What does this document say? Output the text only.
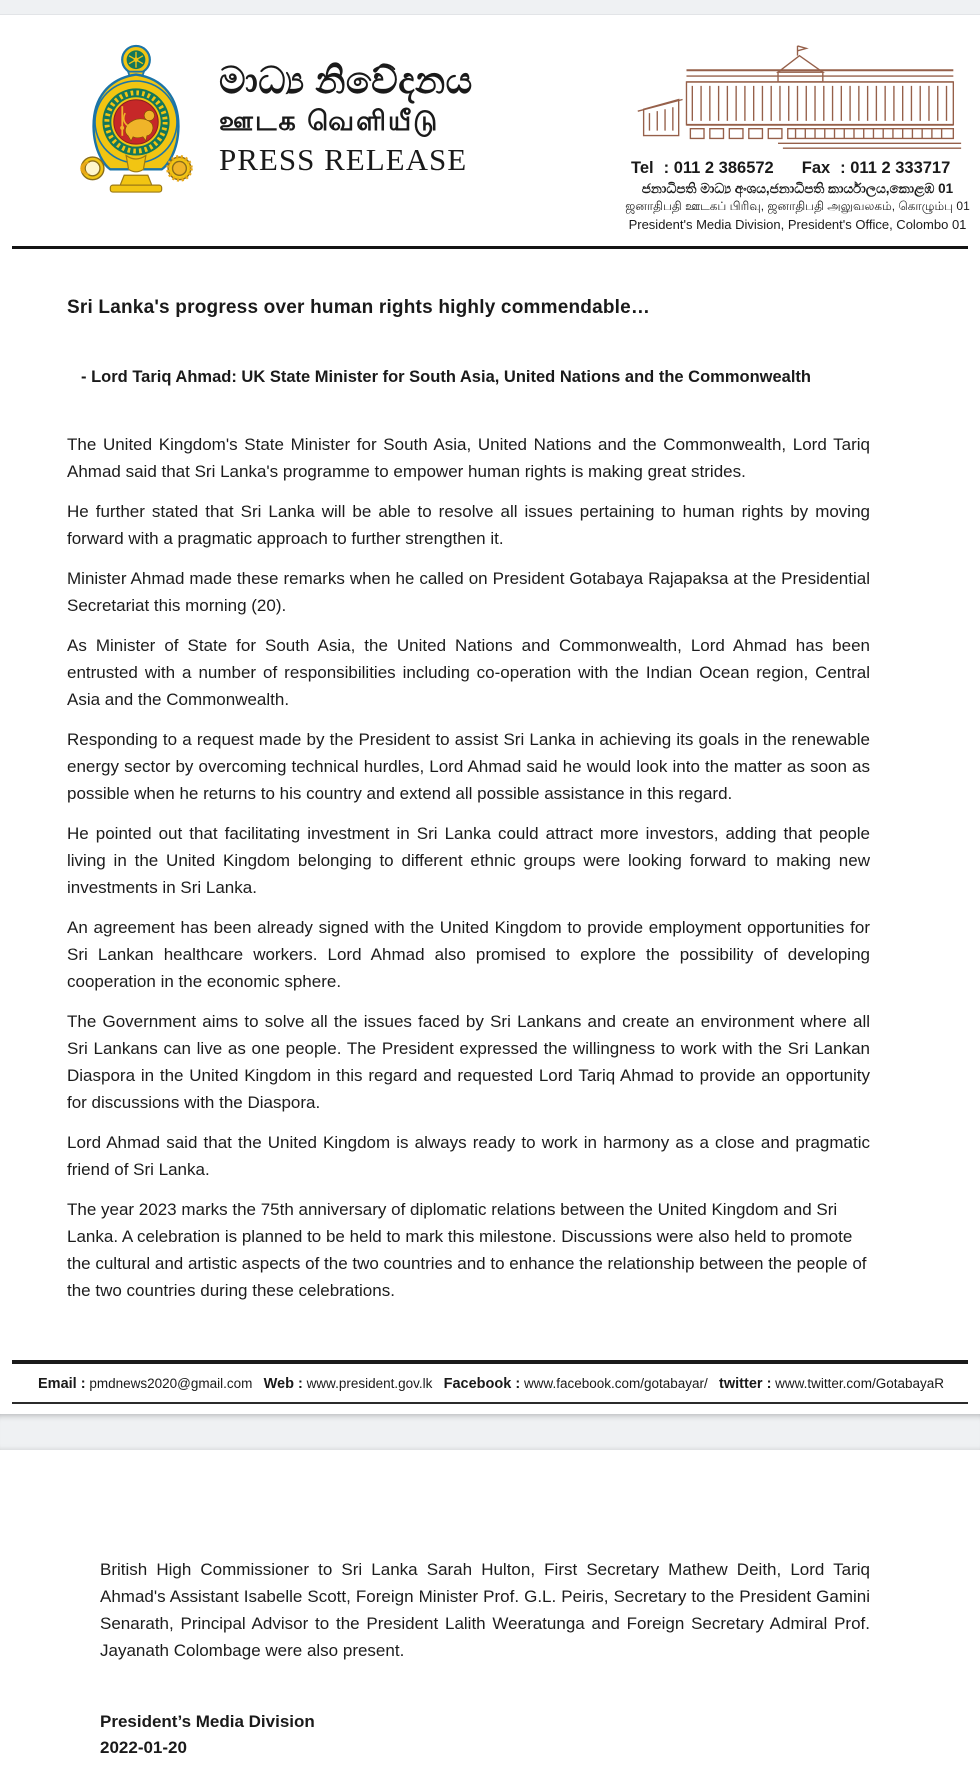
මාධ්‍ය නිවේදනය
ஊடக வெளியீடு
PRESS RELEASE	Tel : 011 2 386572 Fax : 011 2 333717
ජනාධිපති මාධ්‍ය අංශය,ජනාධිපති කාර්යාලය,කොළඹ 01
ஜனாதிபதி ஊடகப் பிரிவு, ஜனாதிபதி அலுவலகம், கொழும்பு 01
President's Media Division, President's Office, Colombo 01
Sri Lanka's progress over human rights highly commendable…
- Lord Tariq Ahmad: UK State Minister for South Asia, United Nations and the Commonwealth

The United Kingdom's State Minister for South Asia, United Nations and the Commonwealth, Lord Tariq Ahmad said that Sri Lanka's programme to empower human rights is making great strides.

He further stated that Sri Lanka will be able to resolve all issues pertaining to human rights by moving forward with a pragmatic approach to further strengthen it.

Minister Ahmad made these remarks when he called on President Gotabaya Rajapaksa at the Presidential Secretariat this morning (20).

As Minister of State for South Asia, the United Nations and Commonwealth, Lord Ahmad has been entrusted with a number of responsibilities including co-operation with the Indian Ocean region, Central Asia and the Commonwealth.

Responding to a request made by the President to assist Sri Lanka in achieving its goals in the renewable energy sector by overcoming technical hurdles, Lord Ahmad said he would look into the matter as soon as possible when he returns to his country and extend all possible assistance in this regard.

He pointed out that facilitating investment in Sri Lanka could attract more investors, adding that people living in the United Kingdom belonging to different ethnic groups were looking forward to making new investments in Sri Lanka.

An agreement has been already signed with the United Kingdom to provide employment opportunities for Sri Lankan healthcare workers. Lord Ahmad also promised to explore the possibility of developing cooperation in the economic sphere.

The Government aims to solve all the issues faced by Sri Lankans and create an environment where all Sri Lankans can live as one people. The President expressed the willingness to work with the Sri Lankan Diaspora in the United Kingdom in this regard and requested Lord Tariq Ahmad to provide an opportunity for discussions with the Diaspora.

Lord Ahmad said that the United Kingdom is always ready to work in harmony as a close and pragmatic friend of Sri Lanka.

The year 2023 marks the 75th anniversary of diplomatic relations between the United Kingdom and Sri Lanka. A celebration is planned to be held to mark this milestone. Discussions were also held to promote the cultural and artistic aspects of the two countries and to enhance the relationship between the people of the two countries during these celebrations.

Email : pmdnews2020@gmail.com Web : www.president.gov.lk Facebook : www.facebook.com/gotabayar/ twitter : www.twitter.com/GotabayaR

British High Commissioner to Sri Lanka Sarah Hulton, First Secretary Mathew Deith, Lord Tariq Ahmad's Assistant Isabelle Scott, Foreign Minister Prof. G.L. Peiris, Secretary to the President Gamini Senarath, Principal Advisor to the President Lalith Weeratunga and Foreign Secretary Admiral Prof. Jayanath Colombage were also present.

President’s Media Division
2022-01-20
